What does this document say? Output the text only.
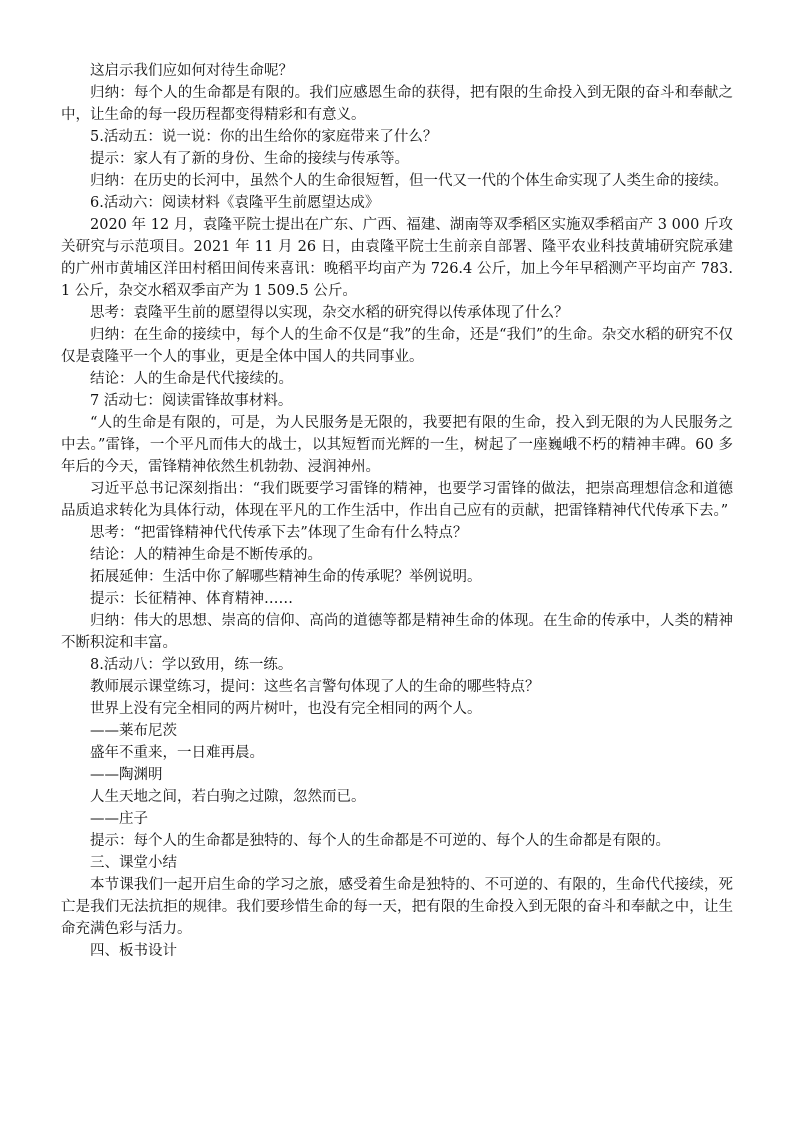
这启示我们应如何对待生命呢？

归纳：每个人的生命都是有限的。我们应感恩生命的获得，把有限的生命投入到无限的奋斗和奉献之中，让生命的每一段历程都变得精彩和有意义。

5.活动五：说一说：你的出生给你的家庭带来了什么？

提示：家人有了新的身份、生命的接续与传承等。

归纳：在历史的长河中，虽然个人的生命很短暂，但一代又一代的个体生命实现了人类生命的接续。

6.活动六：阅读材料《袁隆平生前愿望达成》

2020 年 12 月，袁隆平院士提出在广东、广西、福建、湖南等双季稻区实施双季稻亩产 3 000 斤攻关研究与示范项目。2021 年 11 月 26 日，由袁隆平院士生前亲自部署、隆平农业科技黄埔研究院承建的广州市黄埔区洋田村稻田间传来喜讯：晚稻平均亩产为 726.4 公斤，加上今年早稻测产平均亩产 783.1 公斤，杂交水稻双季亩产为 1 509.5 公斤。

思考：袁隆平生前的愿望得以实现，杂交水稻的研究得以传承体现了什么？

归纳：在生命的接续中，每个人的生命不仅是“我”的生命，还是“我们”的生命。杂交水稻的研究不仅仅是袁隆平一个人的事业，更是全体中国人的共同事业。

结论：人的生命是代代接续的。

7 活动七：阅读雷锋故事材料。

“人的生命是有限的，可是，为人民服务是无限的，我要把有限的生命，投入到无限的为人民服务之中去。”雷锋，一个平凡而伟大的战士，以其短暂而光辉的一生，树起了一座巍峨不朽的精神丰碑。60 多年后的今天，雷锋精神依然生机勃勃、浸润神州。

习近平总书记深刻指出：“我们既要学习雷锋的精神，也要学习雷锋的做法，把崇高理想信念和道德品质追求转化为具体行动，体现在平凡的工作生活中，作出自己应有的贡献，把雷锋精神代代传承下去。”

思考：“把雷锋精神代代传承下去”体现了生命有什么特点？

结论：人的精神生命是不断传承的。

拓展延伸：生活中你了解哪些精神生命的传承呢？举例说明。

提示：长征精神、体育精神……

归纳：伟大的思想、崇高的信仰、高尚的道德等都是精神生命的体现。在生命的传承中，人类的精神不断积淀和丰富。

8.活动八：学以致用，练一练。

教师展示课堂练习，提问：这些名言警句体现了人的生命的哪些特点？

世界上没有完全相同的两片树叶，也没有完全相同的两个人。

——莱布尼茨

盛年不重来，一日难再晨。

——陶渊明

人生天地之间，若白驹之过隙，忽然而已。

——庄子

提示：每个人的生命都是独特的、每个人的生命都是不可逆的、每个人的生命都是有限的。

三、课堂小结

本节课我们一起开启生命的学习之旅，感受着生命是独特的、不可逆的、有限的，生命代代接续，死亡是我们无法抗拒的规律。我们要珍惜生命的每一天，把有限的生命投入到无限的奋斗和奉献之中，让生命充满色彩与活力。

四、板书设计
